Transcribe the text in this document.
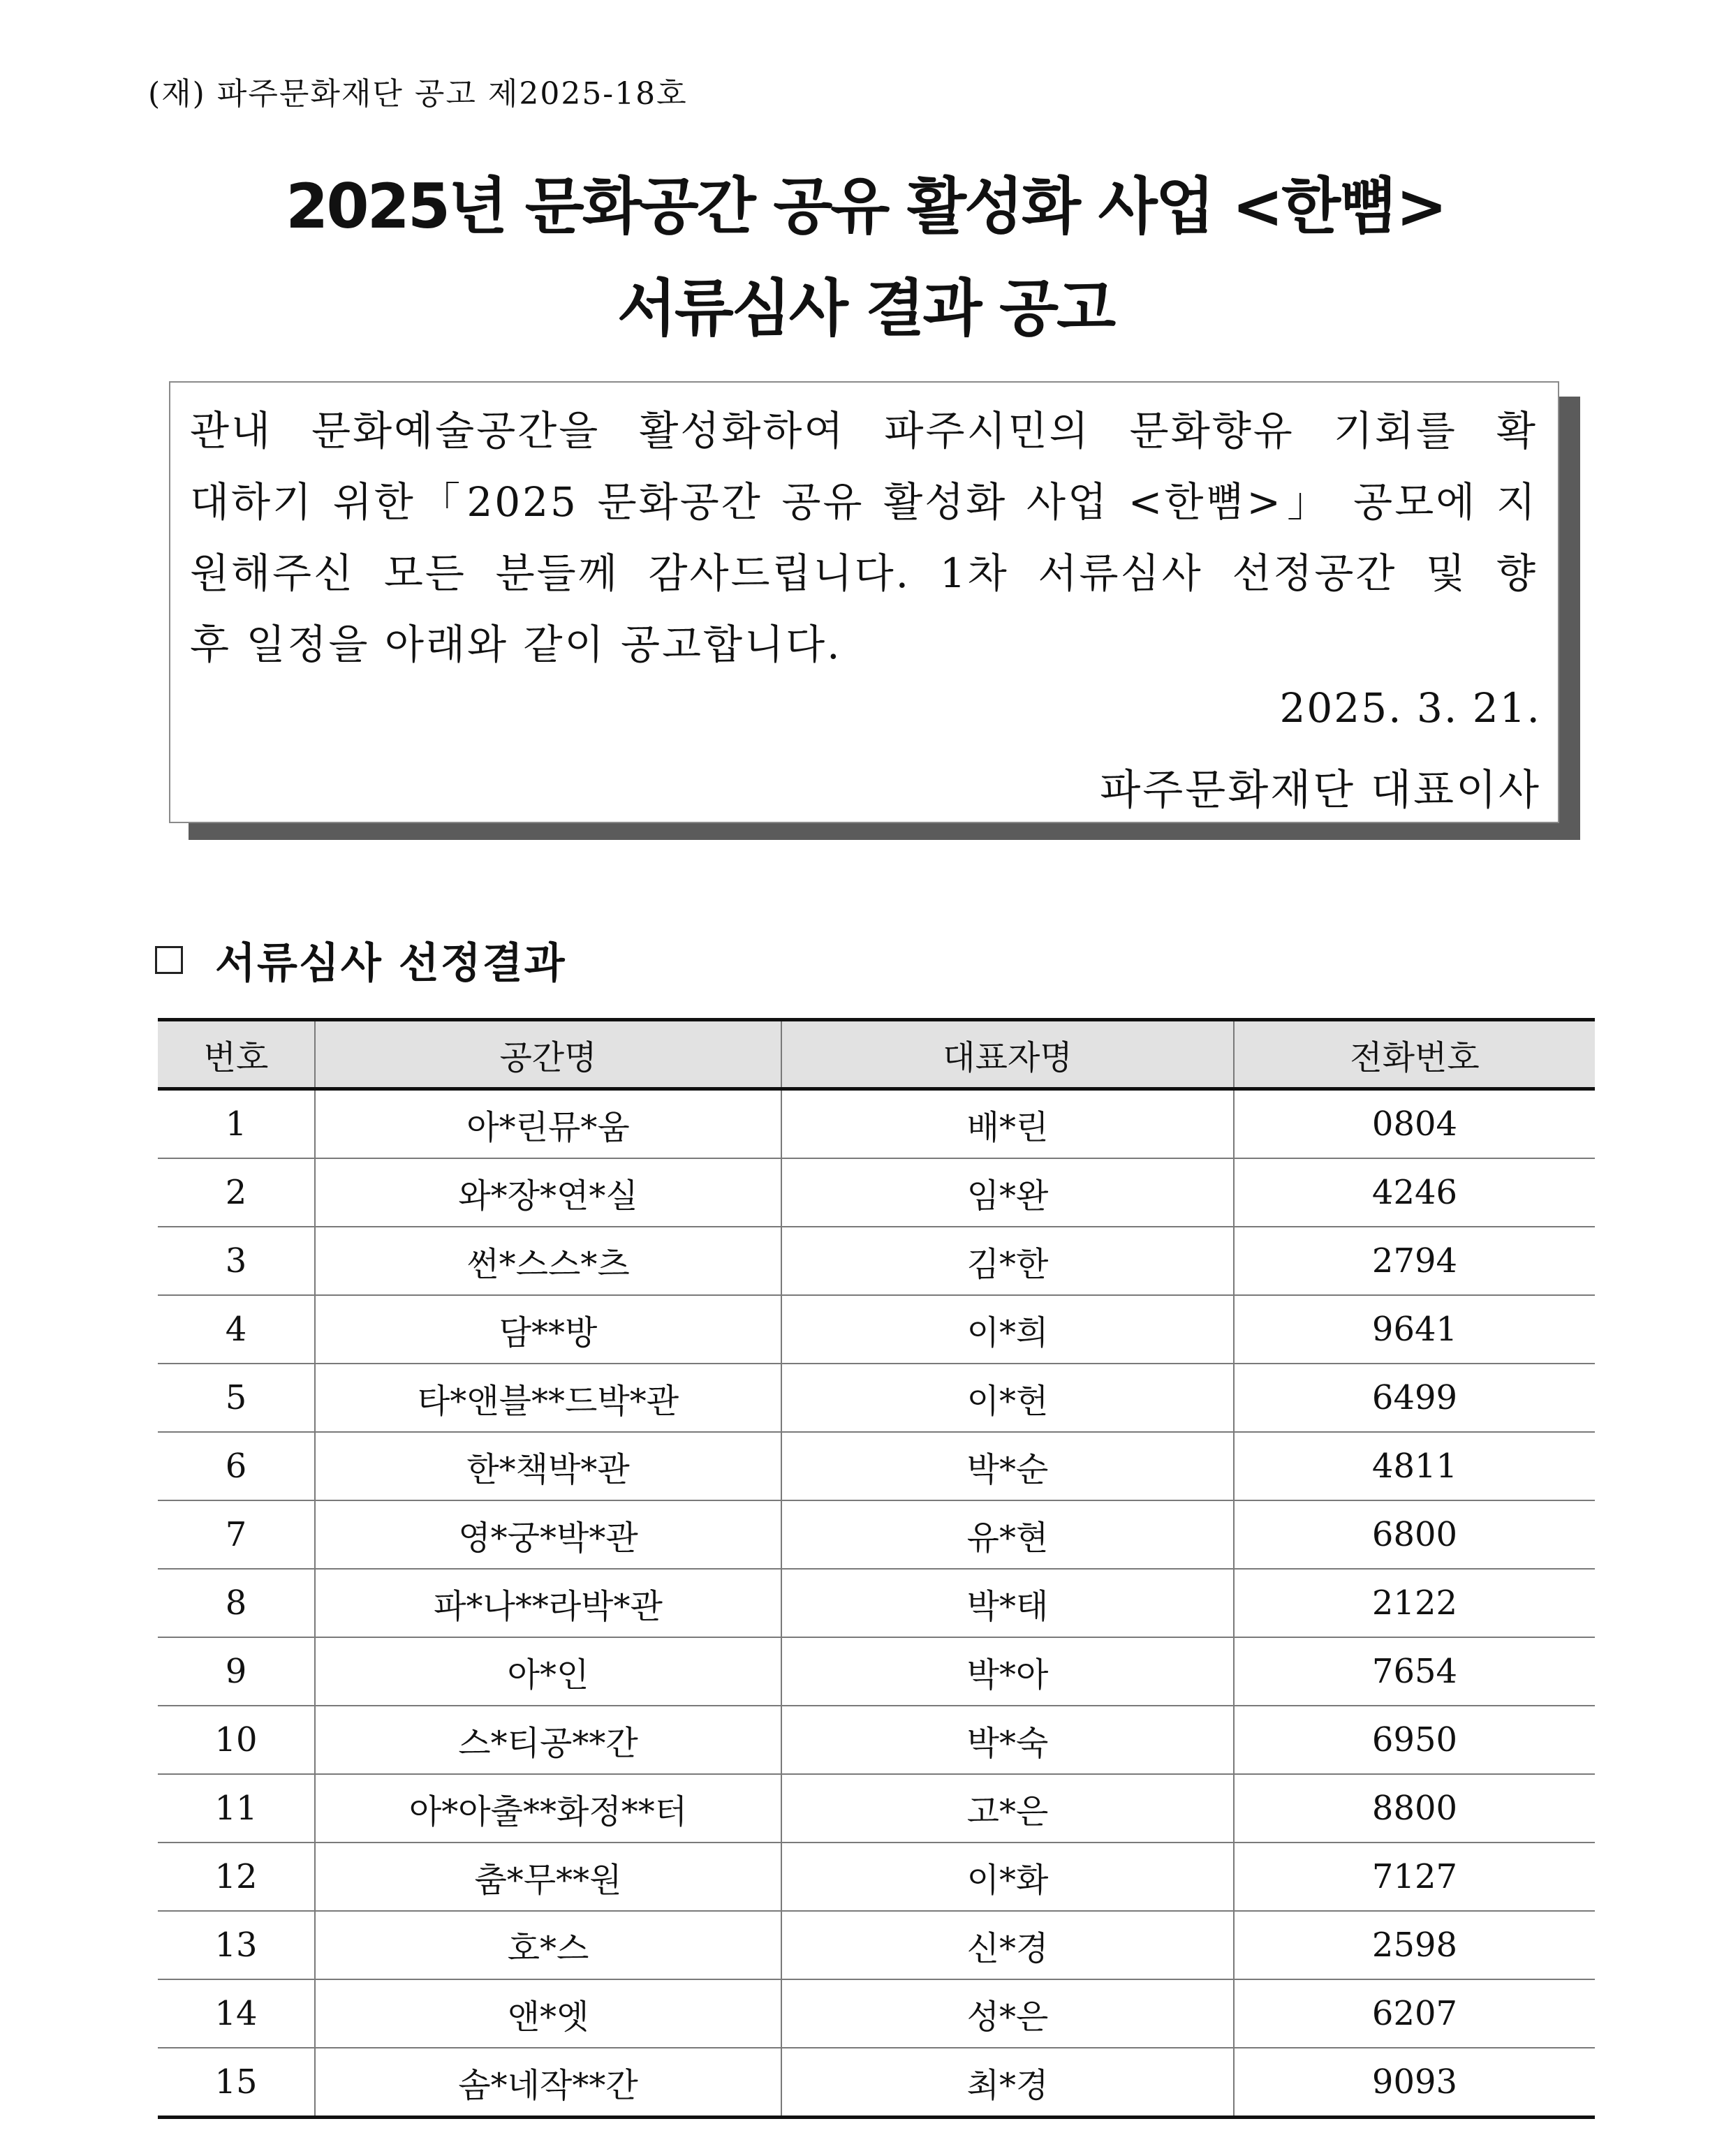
(재) 파주문화재단 공고 제2025-18호
2025년 문화공간 공유 활성화 사업 <한뼘>
서류심사 결과 공고
관내 문화예술공간을 활성화하여 파주시민의 문화향유 기회를 확
대하기 위한「2025 문화공간 공유 활성화 사업 <한뼘>」 공모에 지
원해주신 모든 분들께 감사드립니다. 1차 서류심사 선정공간 및 향
후 일정을 아래와 같이 공고합니다.
2025. 3. 21.
파주문화재단 대표이사
서류심사 선정결과
번호	공간명	대표자명	전화번호
1	아*린뮤*움	배*린	0804
2	와*장*연*실	임*완	4246
3	썬*스스*츠	김*한	2794
4	담**방	이*희	9641
5	타*앤블**드박*관	이*헌	6499
6	한*책박*관	박*순	4811
7	영*궁*박*관	유*현	6800
8	파*나**라박*관	박*태	2122
9	아*인	박*아	7654
10	스*티공**간	박*숙	6950
11	아*아출**화정**터	고*은	8800
12	춤*무**원	이*화	7127
13	호*스	신*경	2598
14	앤*엣	성*은	6207
15	솜*네작**간	최*경	9093
